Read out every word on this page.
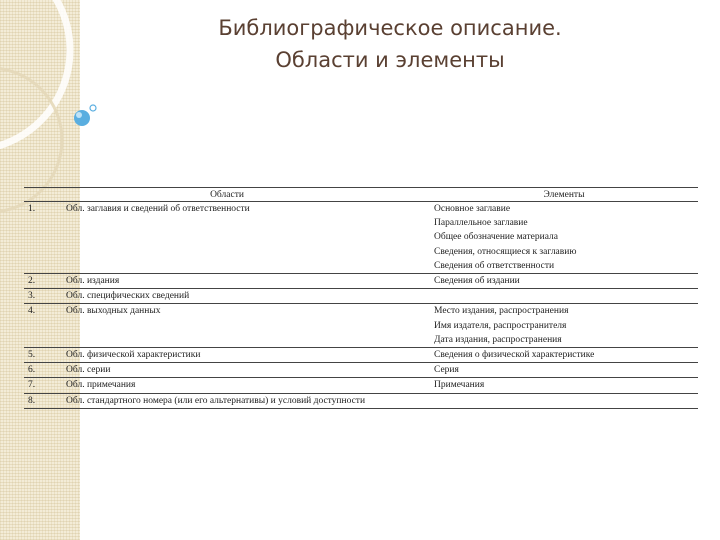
Библиографическое описание.
Области и элементы
Области		Элементы
1.	Обл. заглавия и сведений об ответственности	Основное заглавие
Параллельное заглавие
Общее обозначение материала
Сведения, относящиеся к заглавию
Сведения об ответственности

2.	Обл. издания	Сведения об издании

3.	Обл. специфических сведений	
4.	Обл. выходных данных	Место издания, распространения
Имя издателя, распространителя
Дата издания, распространения

5.	Обл. физической характеристики	Сведения о физической характеристике

6.	Обл. серии	Серия

7.	Обл. примечания	Примечания

8.	Обл. стандартного номера (или его альтернативы) и условий доступности	
